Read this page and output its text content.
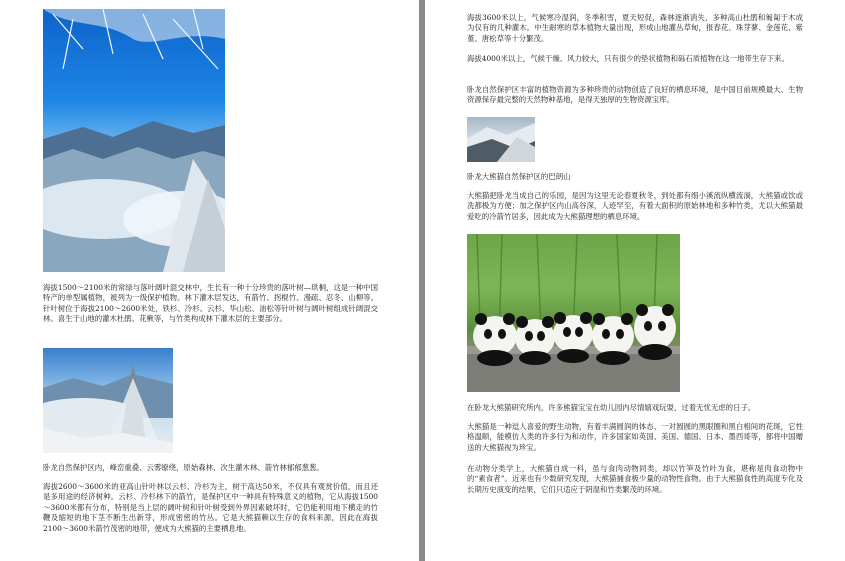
海拔1500～2100米的常绿与落叶阔叶混交林中，生长有一种十分珍贵的落叶树—珙桐，这是一种中国特产的单型属植物，被列为一级保护植物。林下灌木层发达，有箭竹、拐棍竹、漫疏、忍冬、山柳等。针叶树位于海拔2100～2600米处，铁杉、冷杉、云杉、华山松、油松等针叶树与阔叶树组成针阔混交林。喜生于山地的灌木杜鹃、花楸等，与竹类构成林下灌木层的主要部分。

卧龙自然保护区内，峰峦重叠、云雾缭绕，原始森林、次生灌木林、箭竹林郁郁葱葱。

海拔2600～3600米的亚高山针叶林以云杉、冷杉为主，树干高达50米，不仅具有观赏价值，而且还是多用途的经济树种。云杉、冷杉林下的箭竹，是保护区中一种具有特殊意义的植物，它从海拔1500～3600米都有分布，特别是当上层的阔叶树和针叶树受到外界因素破坏时，它仍能利用地下横走的竹鞭及缩短的地下茎不断生出新芽，形成密密的竹丛。它是大熊猫赖以生存的食料来源，因此在海拔2100～3600米箭竹茂密的地带，便成为大熊猫的主要栖息地。

海拔3600米以上，气候寒冷湿润，冬季积雪，夏天短促，森林逐渐消失，多种高山杜鹃和匍匐于木成为仅有的几种灌木。中生耐寒的草本植物大量出现，形成山地灌丛草甸，报春花、珠芽蓼、金莲花、紫堇、唐松草等十分繁茂。

海拔4000米以上，气候干燥、风力较大，只有很少的垫状植物和砾石质植物在这一地带生存下来。

卧龙自然保护区丰富的植物资源为多种珍贵的动物创造了良好的栖息环境，是中国目前规模最大、生物资源保存最完整的天然物种基地，是得天独厚的生物资源宝库。

卧龙大熊猫自然保护区的巴朗山

大熊猫把卧龙当成自己的乐园，是因为这里无论春夏秋冬，到处都有细小溪流纵横流淌，大熊猫或饮或洗都极为方便；加之保护区内山高谷深，人迹罕至，有着大面积的原始林地和多种竹类，尤以大熊猫最爱吃的冷箭竹居多，因此成为大熊猫理想的栖息环境。

在卧龙大熊猫研究所内，许多熊猫宝宝在幼儿园内尽情嬉戏玩耍，过着无忧无虑的日子。

大熊猫是一种逗人喜爱的野生动物，有着丰满圆润的体态、一对圆圆的黑眼圈和黑白相间的花斑，它性格温顺，能模仿人类的许多行为和动作，许多国家如英国、美国、德国、日本、墨西哥等，都将中国赠送的大熊猫视为珍宝。

在动物分类学上，大熊猫自成一科，虽与食肉动物同类，却以竹笋及竹叶为食，堪称是肉食动物中的“素食者”。近来也有少数研究发现，大熊猫捕食极少量的动物性食物。由于大熊猫食性的高度专化及长期历史演变的结果，它们只适应于阴湿和竹类繁茂的环境。
